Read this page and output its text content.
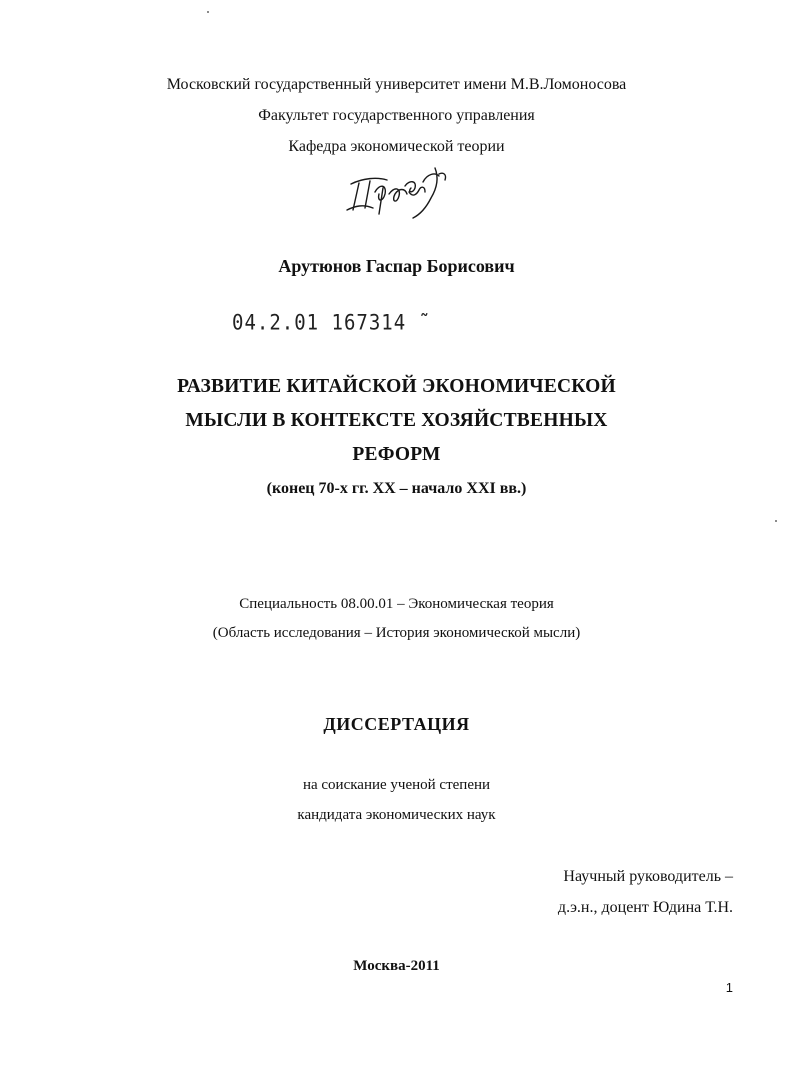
Московский государственный университет имени М.В.Ломоносова
Факультет государственного управления
Кафедра экономической теории
Арутюнов Гаспар Борисович
04.2.01 167314 ˜
РАЗВИТИЕ КИТАЙСКОЙ ЭКОНОМИЧЕСКОЙ
МЫСЛИ В КОНТЕКСТЕ ХОЗЯЙСТВЕННЫХ
РЕФОРМ
(конец 70-х гг. XX – начало XXI вв.)
Специальность 08.00.01 – Экономическая теория
(Область исследования – История экономической мысли)
ДИССЕРТАЦИЯ
на соискание ученой степени
кандидата экономических наук
Научный руководитель –
д.э.н., доцент Юдина Т.Н.
Москва-2011
1
